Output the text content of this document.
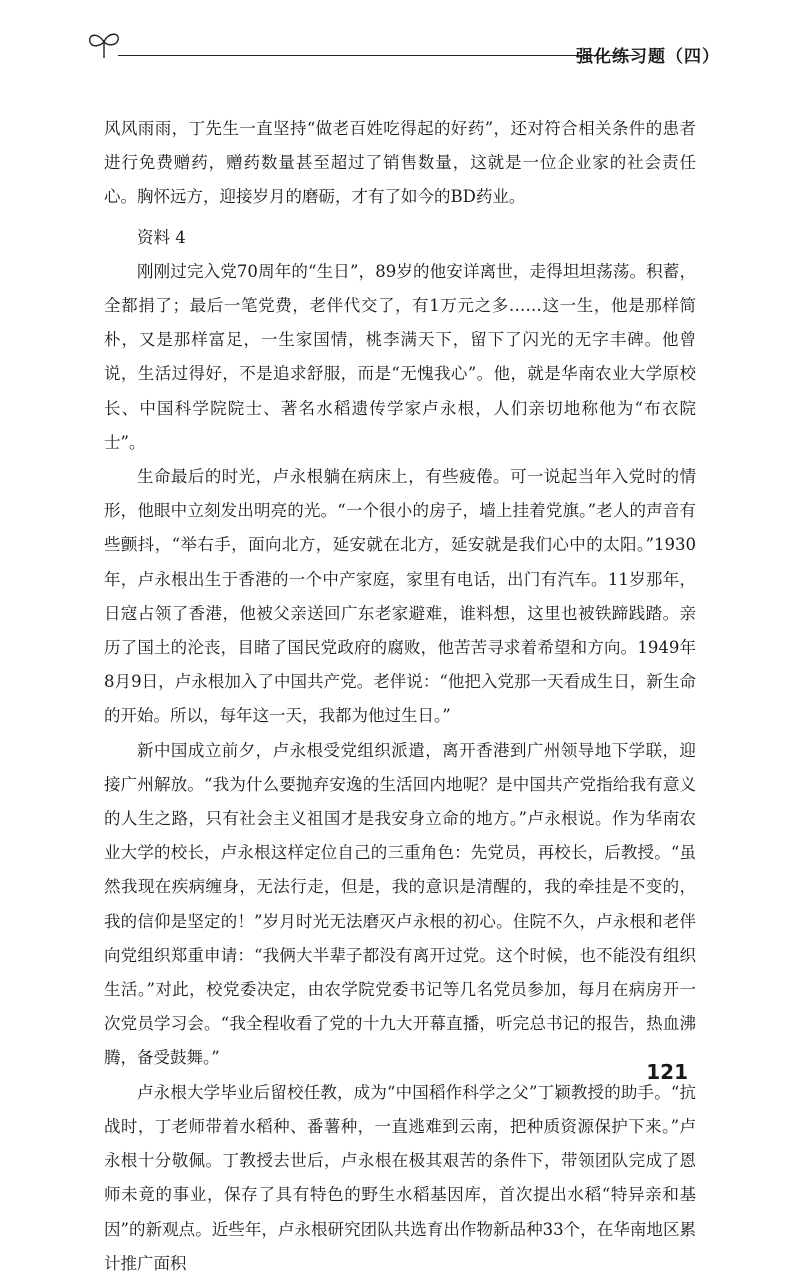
强化练习题（四）

风风雨雨，丁先生一直坚持“做老百姓吃得起的好药”，还对符合相关条件的患者进行免费赠药，赠药数量甚至超过了销售数量，这就是一位企业家的社会责任心。胸怀远方，迎接岁月的磨砺，才有了如今的BD药业。

资料 4

刚刚过完入党70周年的“生日”，89岁的他安详离世，走得坦坦荡荡。积蓄，全都捐了；最后一笔党费，老伴代交了，有1万元之多……这一生，他是那样简朴，又是那样富足，一生家国情，桃李满天下，留下了闪光的无字丰碑。他曾说，生活过得好，不是追求舒服，而是“无愧我心”。他，就是华南农业大学原校长、中国科学院院士、著名水稻遗传学家卢永根，人们亲切地称他为“布衣院士”。

生命最后的时光，卢永根躺在病床上，有些疲倦。可一说起当年入党时的情形，他眼中立刻发出明亮的光。“一个很小的房子，墙上挂着党旗。”老人的声音有些颤抖，“举右手，面向北方，延安就在北方，延安就是我们心中的太阳。”1930年，卢永根出生于香港的一个中产家庭，家里有电话，出门有汽车。11岁那年，日寇占领了香港，他被父亲送回广东老家避难，谁料想，这里也被铁蹄践踏。亲历了国土的沦丧，目睹了国民党政府的腐败，他苦苦寻求着希望和方向。1949年8月9日，卢永根加入了中国共产党。老伴说：“他把入党那一天看成生日，新生命的开始。所以，每年这一天，我都为他过生日。”

新中国成立前夕，卢永根受党组织派遣，离开香港到广州领导地下学联，迎接广州解放。“我为什么要抛弃安逸的生活回内地呢？是中国共产党指给我有意义的人生之路，只有社会主义祖国才是我安身立命的地方。”卢永根说。作为华南农业大学的校长，卢永根这样定位自己的三重角色：先党员，再校长，后教授。“虽然我现在疾病缠身，无法行走，但是，我的意识是清醒的，我的牵挂是不变的，我的信仰是坚定的！”岁月时光无法磨灭卢永根的初心。住院不久，卢永根和老伴向党组织郑重申请：“我俩大半辈子都没有离开过党。这个时候，也不能没有组织生活。”对此，校党委决定，由农学院党委书记等几名党员参加，每月在病房开一次党员学习会。“我全程收看了党的十九大开幕直播，听完总书记的报告，热血沸腾，备受鼓舞。”

卢永根大学毕业后留校任教，成为“中国稻作科学之父”丁颖教授的助手。“抗战时，丁老师带着水稻种、番薯种，一直逃难到云南，把种质资源保护下来。”卢永根十分敬佩。丁教授去世后，卢永根在极其艰苦的条件下，带领团队完成了恩师未竟的事业，保存了具有特色的野生水稻基因库，首次提出水稻“特异亲和基因”的新观点。近些年，卢永根研究团队共选育出作物新品种33个，在华南地区累计推广面积

121
